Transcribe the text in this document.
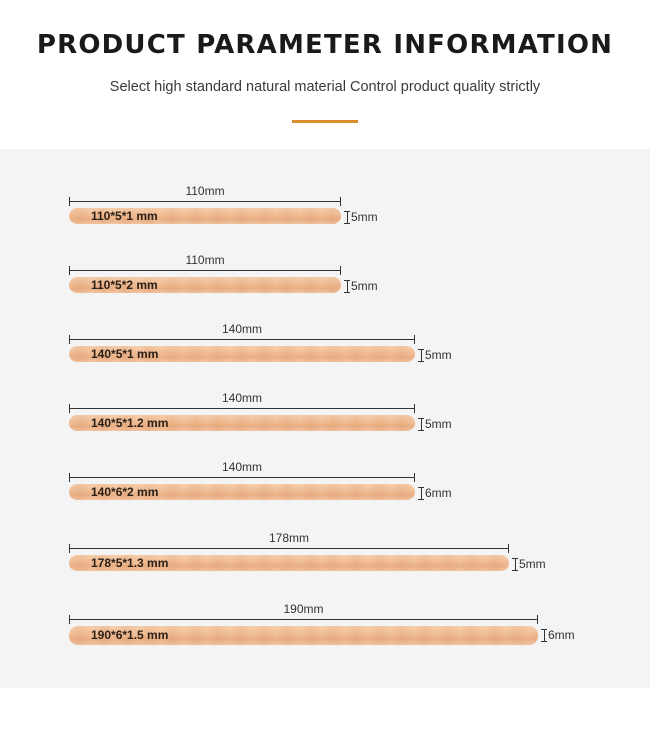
PRODUCT PARAMETER INFORMATION
Select high standard natural material Control product quality strictly
110mm
110*5*1 mm	5mm
110mm
110*5*2 mm	5mm
140mm
140*5*1 mm	5mm
140mm
140*5*1.2 mm	5mm
140mm
140*6*2 mm	6mm
178mm
178*5*1.3 mm	5mm
190mm
190*6*1.5 mm	6mm
